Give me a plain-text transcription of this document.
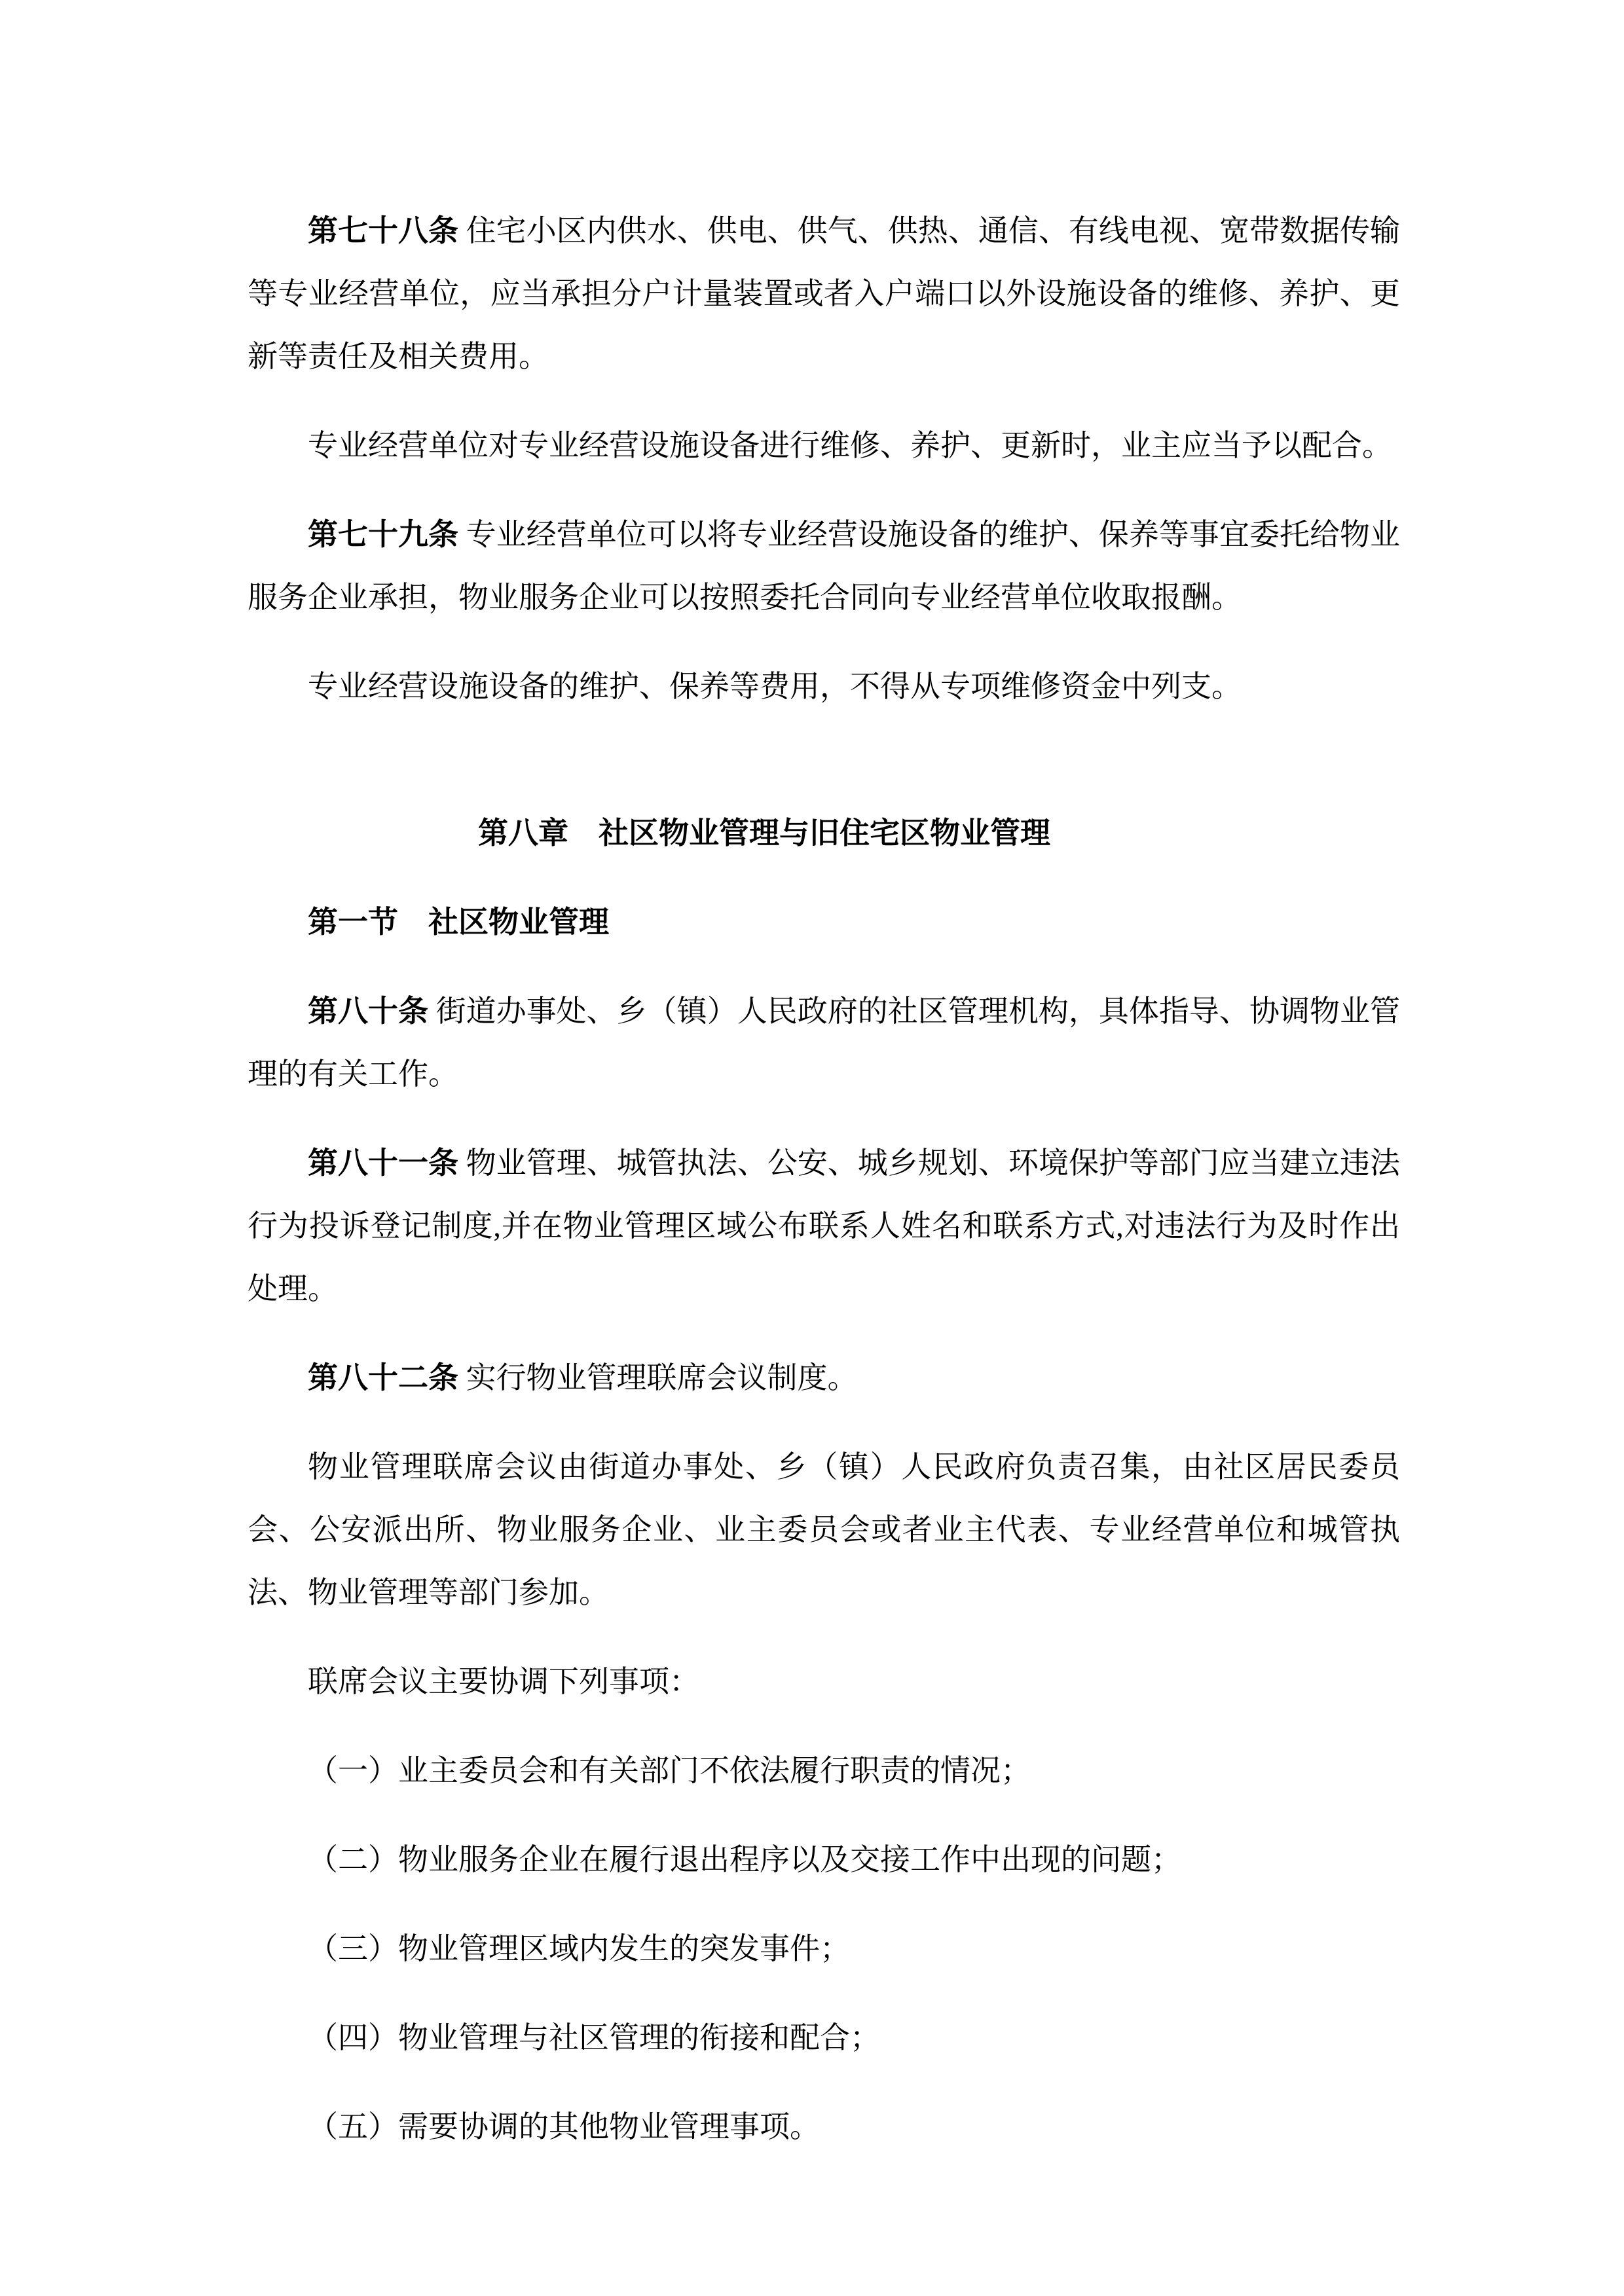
第七十八条 住宅小区内供水、供电、供气、供热、通信、有线电视、宽带数据传输等专业经营单位，应当承担分户计量装置或者入户端口以外设施设备的维修、养护、更新等责任及相关费用。

专业经营单位对专业经营设施设备进行维修、养护、更新时，业主应当予以配合。

第七十九条 专业经营单位可以将专业经营设施设备的维护、保养等事宜委托给物业服务企业承担，物业服务企业可以按照委托合同向专业经营单位收取报酬。

专业经营设施设备的维护、保养等费用，不得从专项维修资金中列支。

第八章　社区物业管理与旧住宅区物业管理
第一节　社区物业管理

第八十条 街道办事处、乡（镇）人民政府的社区管理机构，具体指导、协调物业管理的有关工作。

第八十一条 物业管理、城管执法、公安、城乡规划、环境保护等部门应当建立违法行为投诉登记制度,并在物业管理区域公布联系人姓名和联系方式,对违法行为及时作出处理。

第八十二条 实行物业管理联席会议制度。

物业管理联席会议由街道办事处、乡（镇）人民政府负责召集，由社区居民委员会、公安派出所、物业服务企业、业主委员会或者业主代表、专业经营单位和城管执法、物业管理等部门参加。

联席会议主要协调下列事项：

（一）业主委员会和有关部门不依法履行职责的情况；

（二）物业服务企业在履行退出程序以及交接工作中出现的问题；

（三）物业管理区域内发生的突发事件；

（四）物业管理与社区管理的衔接和配合；

（五）需要协调的其他物业管理事项。
